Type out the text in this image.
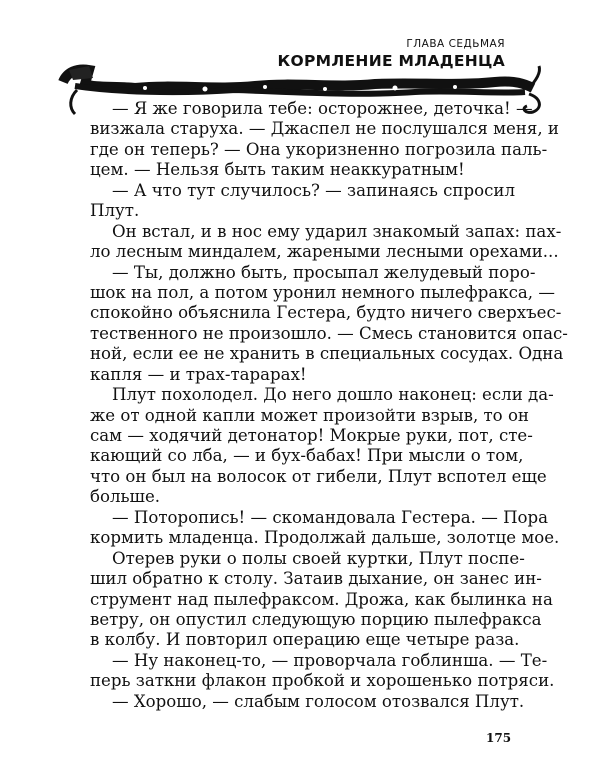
ГЛАВА СЕДЬМАЯ
КОРМЛЕНИЕ МЛАДЕНЦА
— Я же говорила тебе: осторожнее, деточка! —
визжала старуха. — Джаспел не послушался меня, и
где он теперь? — Она укоризненно погрозила паль-
цем. — Нельзя быть таким неаккуратным!
— А что тут случилось? — запинаясь спросил
Плут.
Он встал, и в нос ему ударил знакомый запах: пах-
ло лесным миндалем, жареными лесными орехами...
— Ты, должно быть, просыпал желудевый поро-
шок на пол, а потом уронил немного пылефракса, —
спокойно объяснила Гестера, будто ничего сверхъес-
тественного не произошло. — Смесь становится опас-
ной, если ее не хранить в специальных сосудах. Одна
капля — и трах-тарарах!
Плут похолодел. До него дошло наконец: если да-
же от одной капли может произойти взрыв, то он
сам — ходячий детонатор! Мокрые руки, пот, сте-
кающий со лба, — и бух-бабах! При мысли о том,
что он был на волосок от гибели, Плут вспотел еще
больше.
— Поторопись! — скомандовала Гестера. — Пора
кормить младенца. Продолжай дальше, золотце мое.
Отерев руки о полы своей куртки, Плут поспе-
шил обратно к столу. Затаив дыхание, он занес ин-
струмент над пылефраксом. Дрожа, как былинка на
ветру, он опустил следующую порцию пылефракса
в колбу. И повторил операцию еще четыре раза.
— Ну наконец-то, — проворчала гоблинша. — Те-
перь заткни флакон пробкой и хорошенько потряси.
— Хорошо, — слабым голосом отозвался Плут.
175
